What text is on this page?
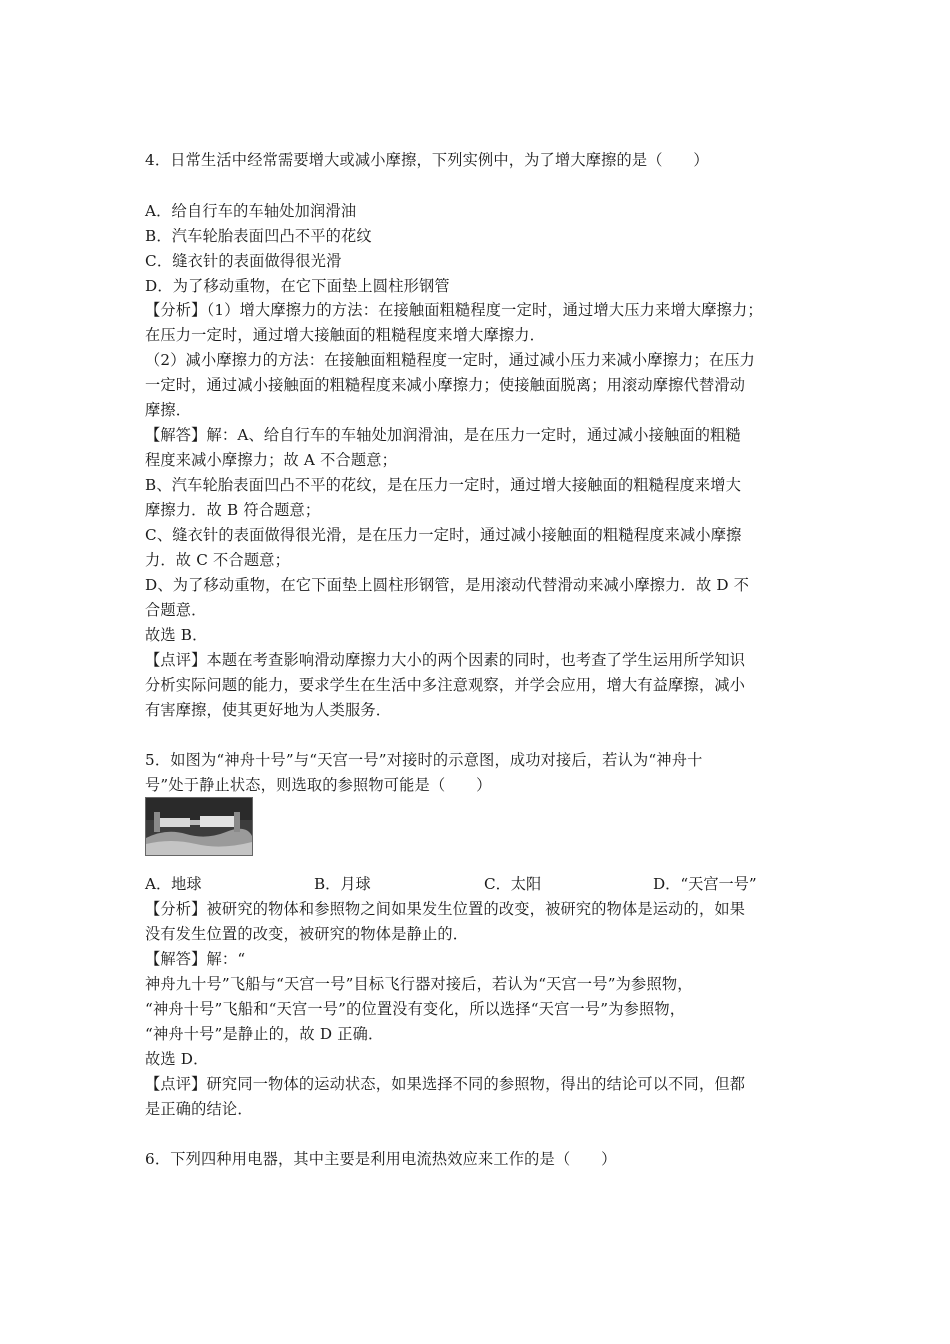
4．日常生活中经常需要增大或减小摩擦，下列实例中，为了增大摩擦的是（　　）
A．给自行车的车轴处加润滑油
B．汽车轮胎表面凹凸不平的花纹
C．缝衣针的表面做得很光滑
D．为了移动重物，在它下面垫上圆柱形钢管
【分析】（1）增大摩擦力的方法：在接触面粗糙程度一定时，通过增大压力来增大摩擦力；
在压力一定时，通过增大接触面的粗糙程度来增大摩擦力．
（2）减小摩擦力的方法：在接触面粗糙程度一定时，通过减小压力来减小摩擦力；在压力
一定时，通过减小接触面的粗糙程度来减小摩擦力；使接触面脱离；用滚动摩擦代替滑动
摩擦．
【解答】解：A、给自行车的车轴处加润滑油，是在压力一定时，通过减小接触面的粗糙
程度来减小摩擦力；故 A 不合题意；
B、汽车轮胎表面凹凸不平的花纹，是在压力一定时，通过增大接触面的粗糙程度来增大
摩擦力．故 B 符合题意；
C、缝衣针的表面做得很光滑，是在压力一定时，通过减小接触面的粗糙程度来减小摩擦
力．故 C 不合题意；
D、为了移动重物，在它下面垫上圆柱形钢管，是用滚动代替滑动来减小摩擦力．故 D 不
合题意．
故选 B．
【点评】本题在考查影响滑动摩擦力大小的两个因素的同时，也考查了学生运用所学知识
分析实际问题的能力，要求学生在生活中多注意观察，并学会应用，增大有益摩擦，减小
有害摩擦，使其更好地为人类服务．
5．如图为“神舟十号”与“天宫一号”对接时的示意图，成功对接后，若认为“神舟十
号”处于静止状态，则选取的参照物可能是（　　）
A．地球	B．月球	C．太阳	D．“天宫一号”
【分析】被研究的物体和参照物之间如果发生位置的改变，被研究的物体是运动的，如果
没有发生位置的改变，被研究的物体是静止的．
【解答】解：“
神舟九十号”飞船与“天宫一号”目标飞行器对接后，若认为“天宫一号”为参照物，
“神舟十号”飞船和“天宫一号”的位置没有变化，所以选择“天宫一号”为参照物，
“神舟十号”是静止的，故 D 正确．
故选 D．
【点评】研究同一物体的运动状态，如果选择不同的参照物，得出的结论可以不同，但都
是正确的结论．
6．下列四种用电器，其中主要是利用电流热效应来工作的是（　　）
